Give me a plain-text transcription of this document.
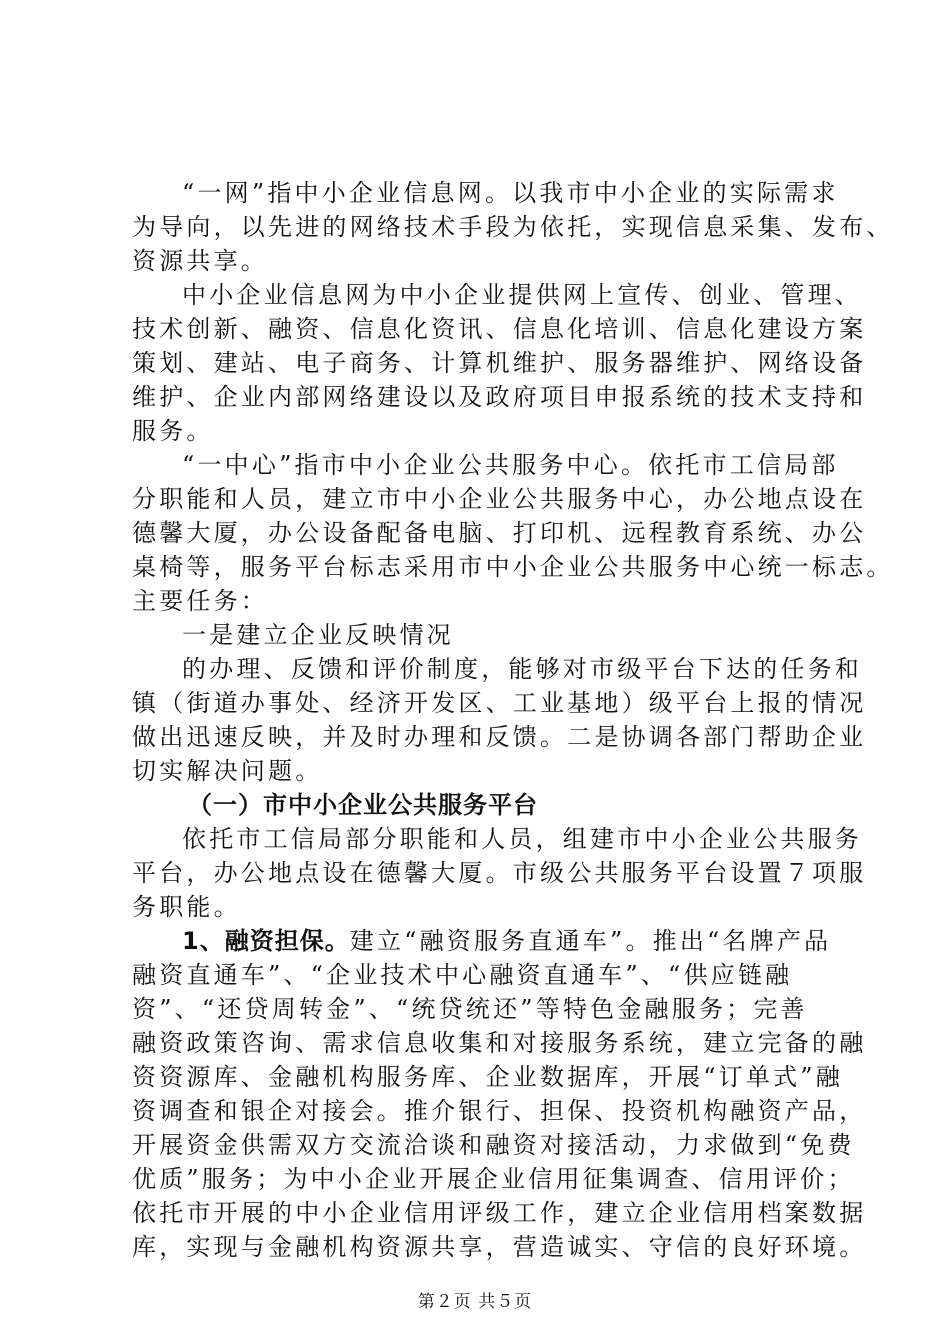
“一网”指中小企业信息网。以我市中小企业的实际需求
为导向，以先进的网络技术手段为依托，实现信息采集、发布、
资源共享。
中小企业信息网为中小企业提供网上宣传、创业、管理、
技术创新、融资、信息化资讯、信息化培训、信息化建设方案
策划、建站、电子商务、计算机维护、服务器维护、网络设备
维护、企业内部网络建设以及政府项目申报系统的技术支持和
服务。
“一中心”指市中小企业公共服务中心。依托市工信局部
分职能和人员，建立市中小企业公共服务中心，办公地点设在
德馨大厦，办公设备配备电脑、打印机、远程教育系统、办公
桌椅等，服务平台标志采用市中小企业公共服务中心统一标志。
主要任务：
一是建立企业反映情况
的办理、反馈和评价制度，能够对市级平台下达的任务和
镇（街道办事处、经济开发区、工业基地）级平台上报的情况
做出迅速反映，并及时办理和反馈。二是协调各部门帮助企业
切实解决问题。
（一）市中小企业公共服务平台
依托市工信局部分职能和人员，组建市中小企业公共服务
平台，办公地点设在德馨大厦。市级公共服务平台设置７项服
务职能。
1、融资担保。建立“融资服务直通车”。推出“名牌产品
融资直通车”、“企业技术中心融资直通车”、“供应链融
资”、“还贷周转金”、“统贷统还”等特色金融服务；完善
融资政策咨询、需求信息收集和对接服务系统，建立完备的融
资资源库、金融机构服务库、企业数据库，开展“订单式”融
资调查和银企对接会。推介银行、担保、投资机构融资产品，
开展资金供需双方交流洽谈和融资对接活动，力求做到“免费
优质”服务；为中小企业开展企业信用征集调查、信用评价；
依托市开展的中小企业信用评级工作，建立企业信用档案数据
库，实现与金融机构资源共享，营造诚实、守信的良好环境。
第２页 共５页
